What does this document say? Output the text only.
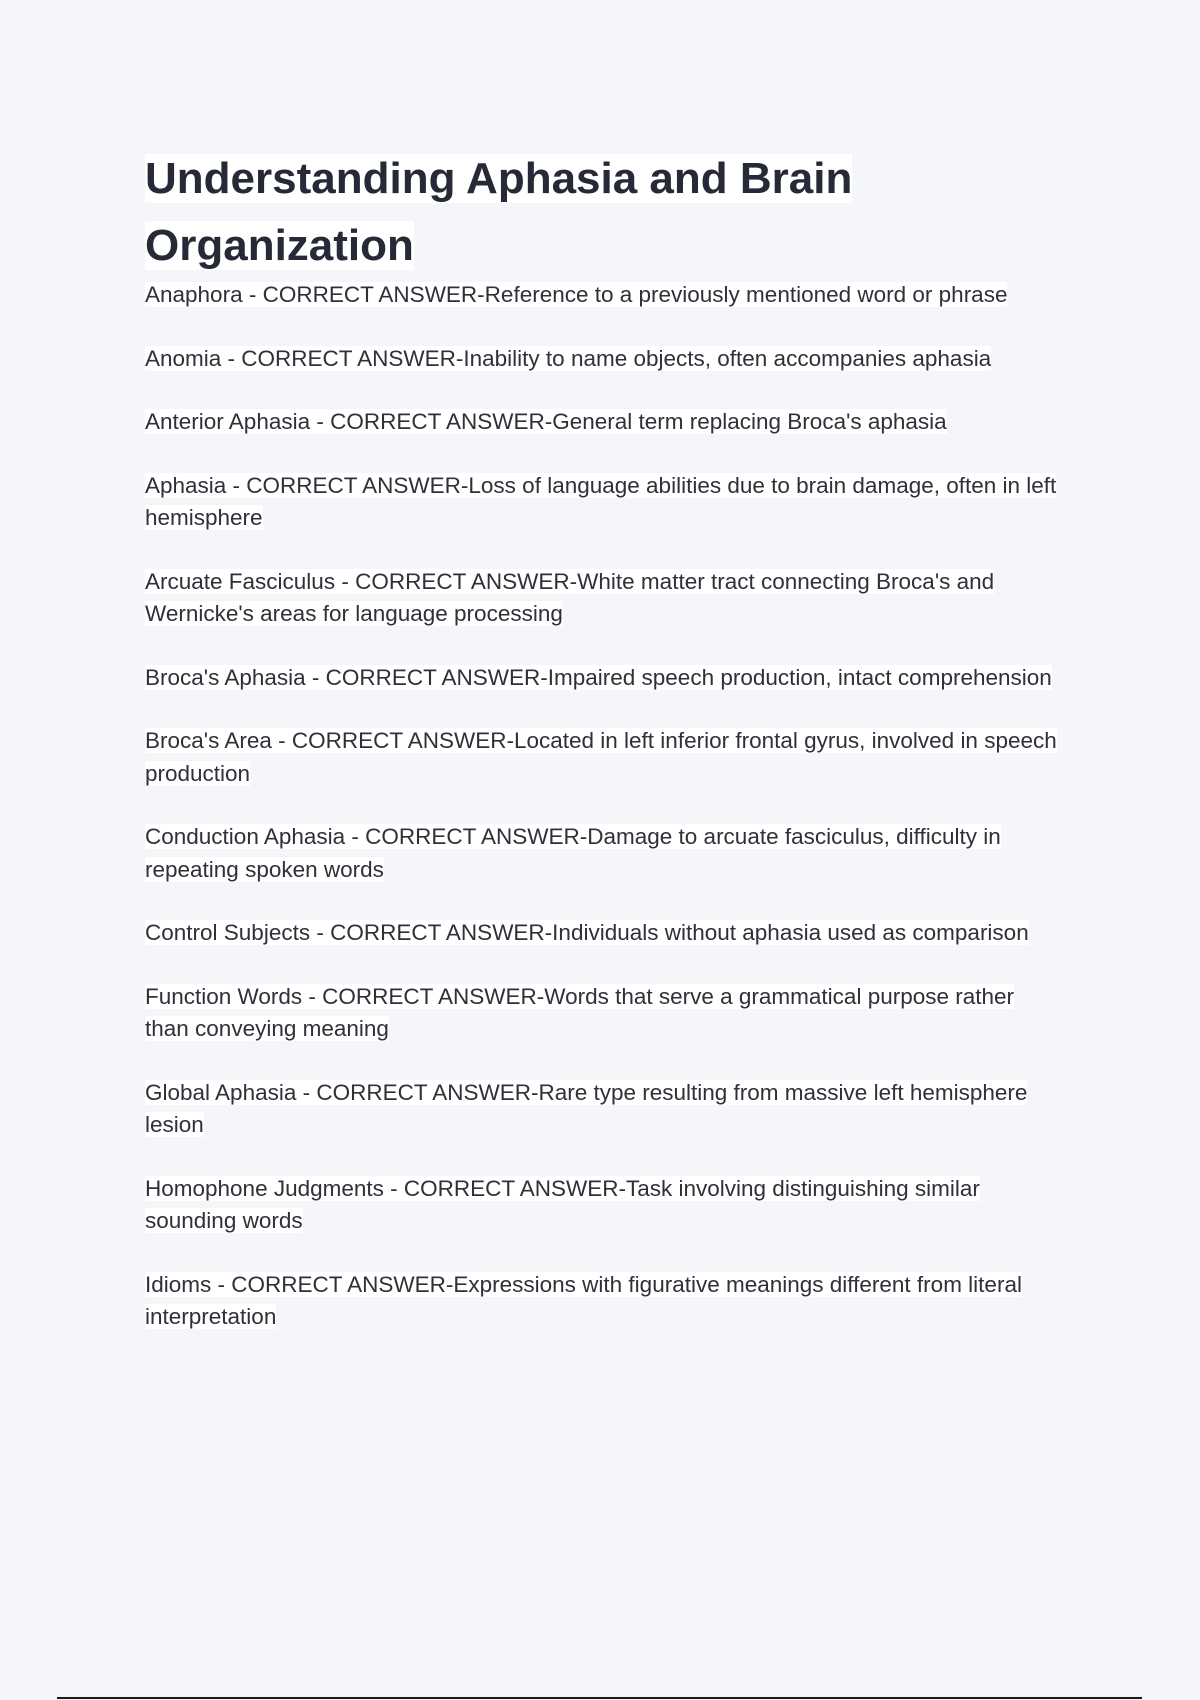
Understanding Aphasia and Brain
Organization
Anaphora - CORRECT ANSWER-Reference to a previously mentioned word or phrase
Anomia - CORRECT ANSWER-Inability to name objects, often accompanies aphasia
Anterior Aphasia - CORRECT ANSWER-General term replacing Broca's aphasia
Aphasia - CORRECT ANSWER-Loss of language abilities due to brain damage, often in left hemisphere
Arcuate Fasciculus - CORRECT ANSWER-White matter tract connecting Broca's and Wernicke's areas for language processing
Broca's Aphasia - CORRECT ANSWER-Impaired speech production, intact comprehension
Broca's Area - CORRECT ANSWER-Located in left inferior frontal gyrus, involved in speech production
Conduction Aphasia - CORRECT ANSWER-Damage to arcuate fasciculus, difficulty in repeating spoken words
Control Subjects - CORRECT ANSWER-Individuals without aphasia used as comparison
Function Words - CORRECT ANSWER-Words that serve a grammatical purpose rather than conveying meaning
Global Aphasia - CORRECT ANSWER-Rare type resulting from massive left hemisphere lesion
Homophone Judgments - CORRECT ANSWER-Task involving distinguishing similar sounding words
Idioms - CORRECT ANSWER-Expressions with figurative meanings different from literal interpretation
